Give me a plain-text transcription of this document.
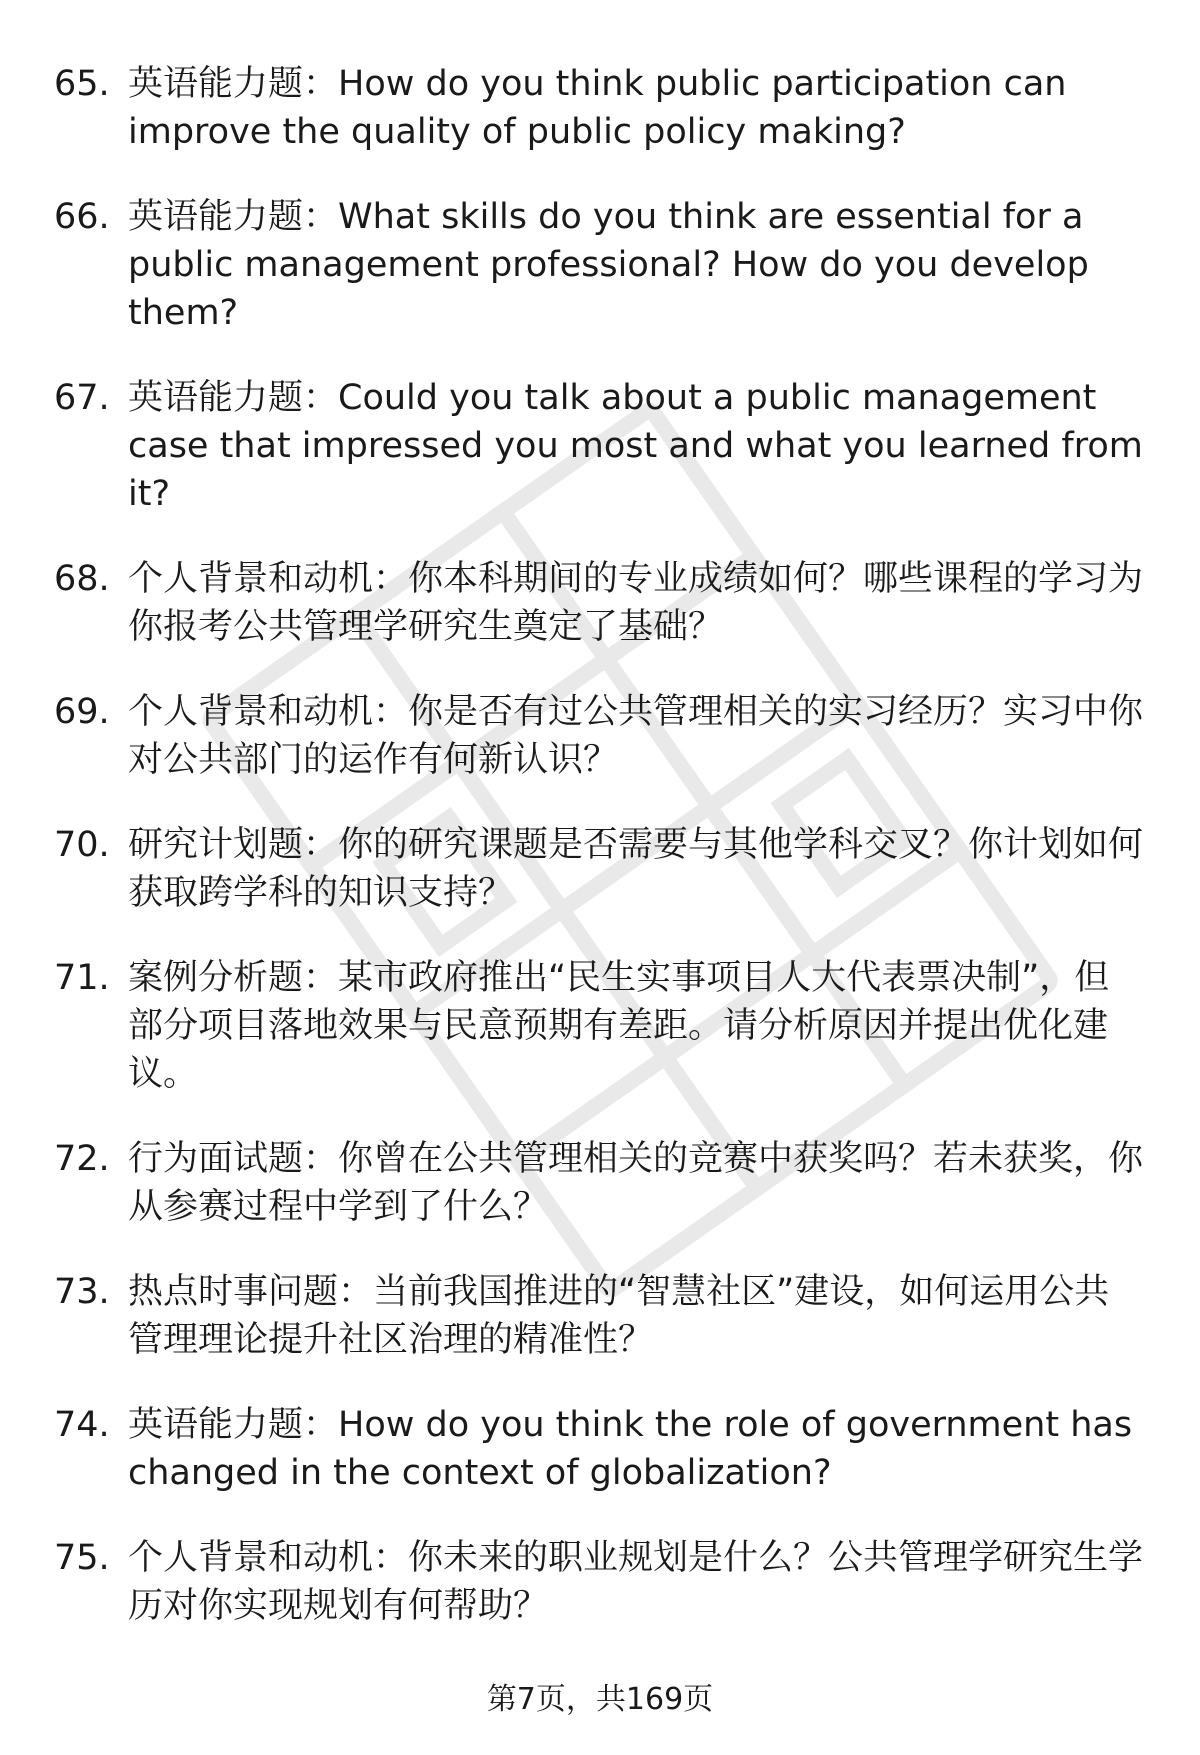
65. 英语能力题：How do you think public participation can improve the quality of public policy making?
66. 英语能力题：What skills do you think are essential for a public management professional? How do you develop them?
67. 英语能力题：Could you talk about a public management case that impressed you most and what you learned from it?
68. 个人背景和动机：你本科期间的专业成绩如何？哪些课程的学习为你报考公共管理学研究生奠定了基础？
69. 个人背景和动机：你是否有过公共管理相关的实习经历？实习中你对公共部门的运作有何新认识？
70. 研究计划题：你的研究课题是否需要与其他学科交叉？你计划如何获取跨学科的知识支持？
71. 案例分析题：某市政府推出“民生实事项目人大代表票决制”，但部分项目落地效果与民意预期有差距。请分析原因并提出优化建议。
72. 行为面试题：你曾在公共管理相关的竞赛中获奖吗？若未获奖，你从参赛过程中学到了什么？
73. 热点时事问题：当前我国推进的“智慧社区”建设，如何运用公共管理理论提升社区治理的精准性？
74. 英语能力题：How do you think the role of government has changed in the context of globalization?
75. 个人背景和动机：你未来的职业规划是什么？公共管理学研究生学历对你实现规划有何帮助？
第7页，共169页
